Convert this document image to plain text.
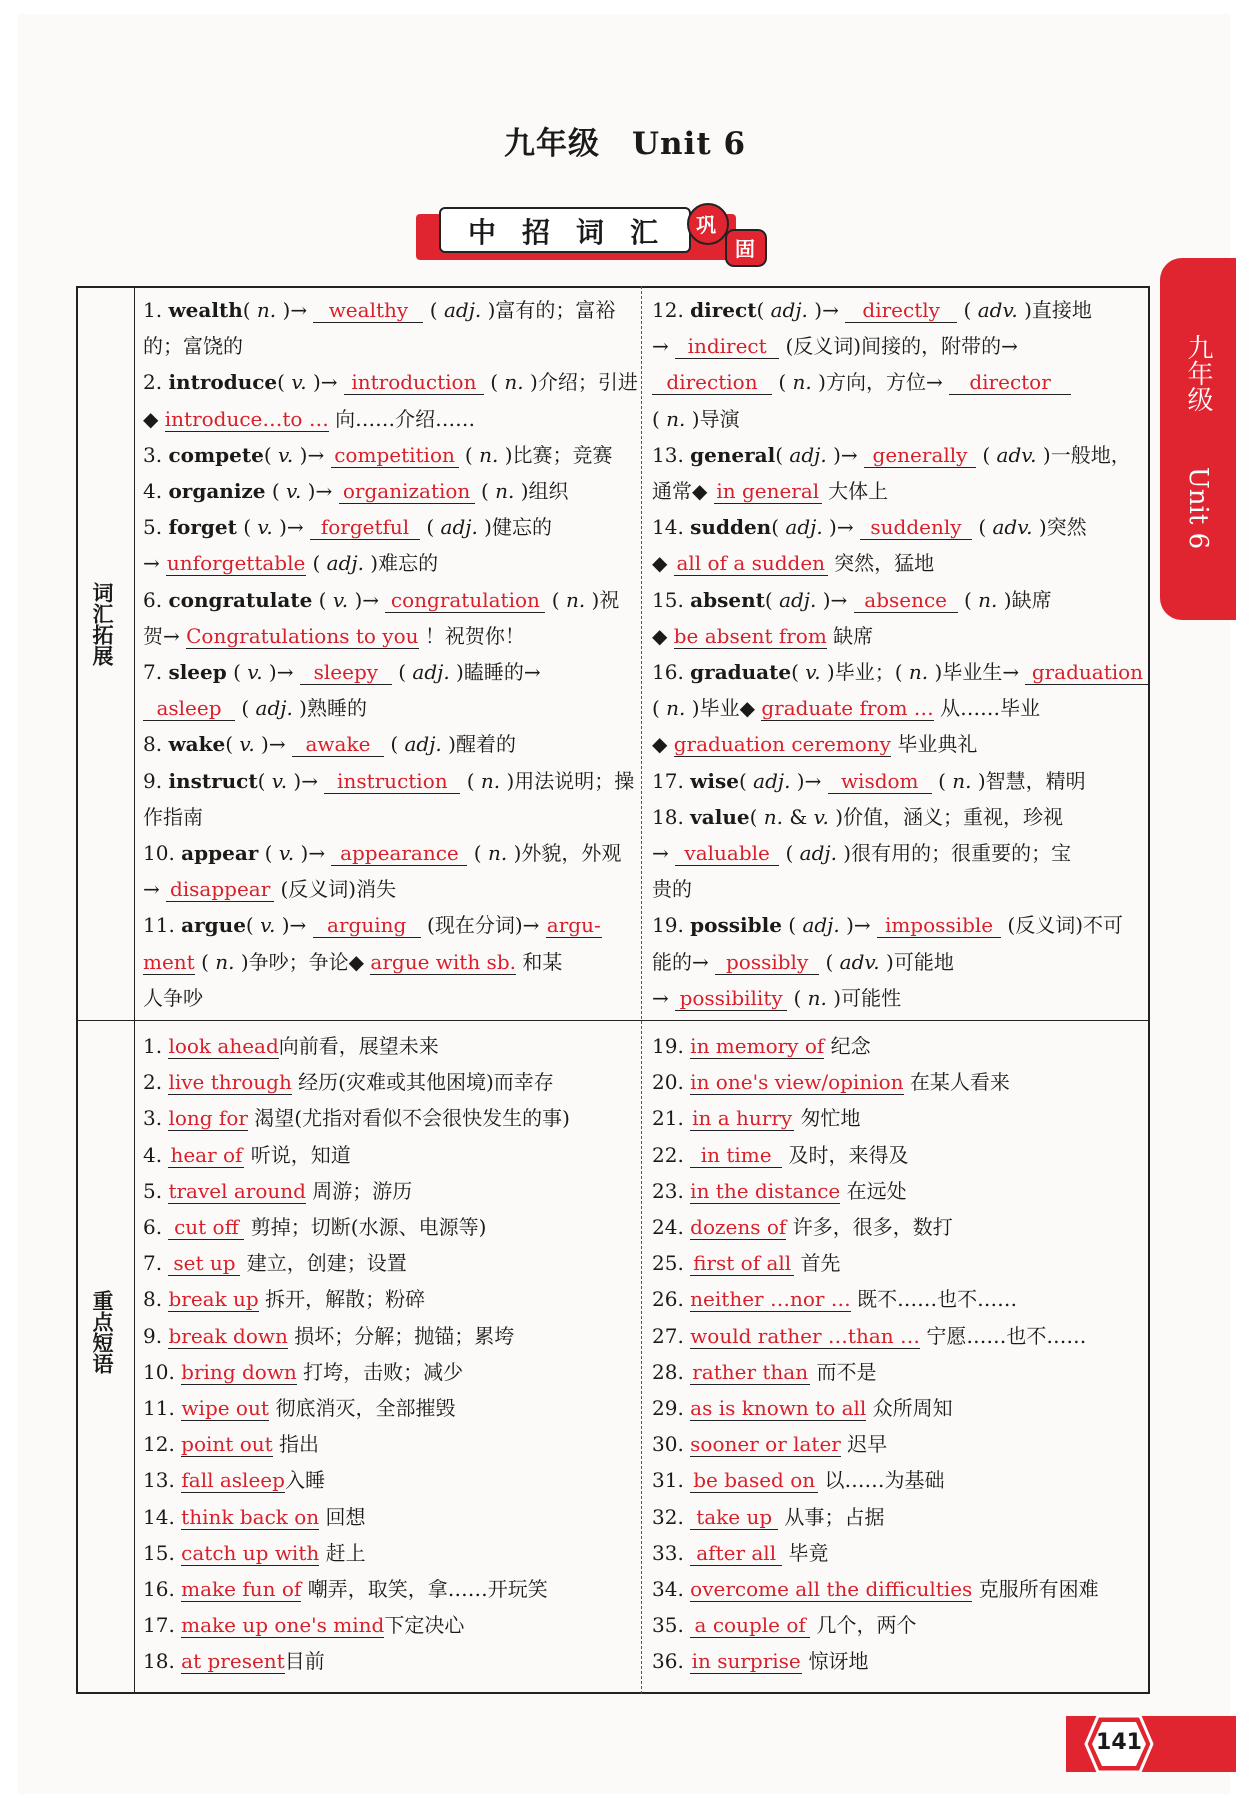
九年级　Unit 6
中 招 词 汇 巩
固
九年级
Unit 6
词汇拓展
重点短语
1. wealth( n. )→ wealthy ( adj. )富有的；富裕
的；富饶的
2. introduce( v. )→ introduction ( n. )介绍；引进
◆ introduce…to … 向……介绍……
3. compete( v. )→ competition ( n. )比赛；竞赛
4. organize ( v. )→ organization ( n. )组织
5. forget ( v. )→ forgetful ( adj. )健忘的
→ unforgettable ( adj. )难忘的
6. congratulate ( v. )→ congratulation ( n. )祝
贺→ Congratulations to you ！祝贺你！
7. sleep ( v. )→ sleepy ( adj. )瞌睡的→
asleep ( adj. )熟睡的
8. wake( v. )→ awake ( adj. )醒着的
9. instruct( v. )→ instruction ( n. )用法说明；操
作指南
10. appear ( v. )→ appearance ( n. )外貌，外观
→ disappear (反义词)消失
11. argue( v. )→ arguing (现在分词)→ argu-
ment ( n. )争吵；争论◆ argue with sb. 和某
人争吵
12. direct( adj. )→ directly ( adv. )直接地
→ indirect (反义词)间接的，附带的→
direction ( n. )方向，方位→ director
( n. )导演
13. general( adj. )→ generally ( adv. )一般地，
通常◆ in general 大体上
14. sudden( adj. )→ suddenly ( adv. )突然
◆ all of a sudden 突然，猛地
15. absent( adj. )→ absence ( n. )缺席
◆ be absent from 缺席
16. graduate( v. )毕业；( n. )毕业生→ graduation
( n. )毕业◆ graduate from … 从……毕业
◆ graduation ceremony 毕业典礼
17. wise( adj. )→ wisdom ( n. )智慧，精明
18. value( n. & v. )价值，涵义；重视，珍视
→ valuable ( adj. )很有用的；很重要的；宝
贵的
19. possible ( adj. )→ impossible (反义词)不可
能的→ possibly ( adv. )可能地
→ possibility ( n. )可能性
1. look ahead向前看，展望未来
2. live through 经历(灾难或其他困境)而幸存
3. long for 渴望(尤指对看似不会很快发生的事)
4. hear of 听说，知道
5. travel around 周游；游历
6. cut off 剪掉；切断(水源、电源等)
7. set up 建立，创建；设置
8. break up 拆开，解散；粉碎
9. break down 损坏；分解；抛锚；累垮
10. bring down 打垮，击败；减少
11. wipe out 彻底消灭，全部摧毁
12. point out 指出
13. fall asleep入睡
14. think back on 回想
15. catch up with 赶上
16. make fun of 嘲弄，取笑，拿……开玩笑
17. make up one's mind下定决心
18. at present目前
19. in memory of 纪念
20. in one's view/opinion 在某人看来
21. in a hurry 匆忙地
22. in time 及时，来得及
23. in the distance 在远处
24. dozens of 许多，很多，数打
25. first of all 首先
26. neither …nor … 既不……也不……
27. would rather …than … 宁愿……也不……
28. rather than 而不是
29. as is known to all 众所周知
30. sooner or later 迟早
31. be based on 以……为基础
32. take up 从事；占据
33. after all 毕竟
34. overcome all the difficulties 克服所有困难
35. a couple of 几个，两个
36. in surprise 惊讶地
141
